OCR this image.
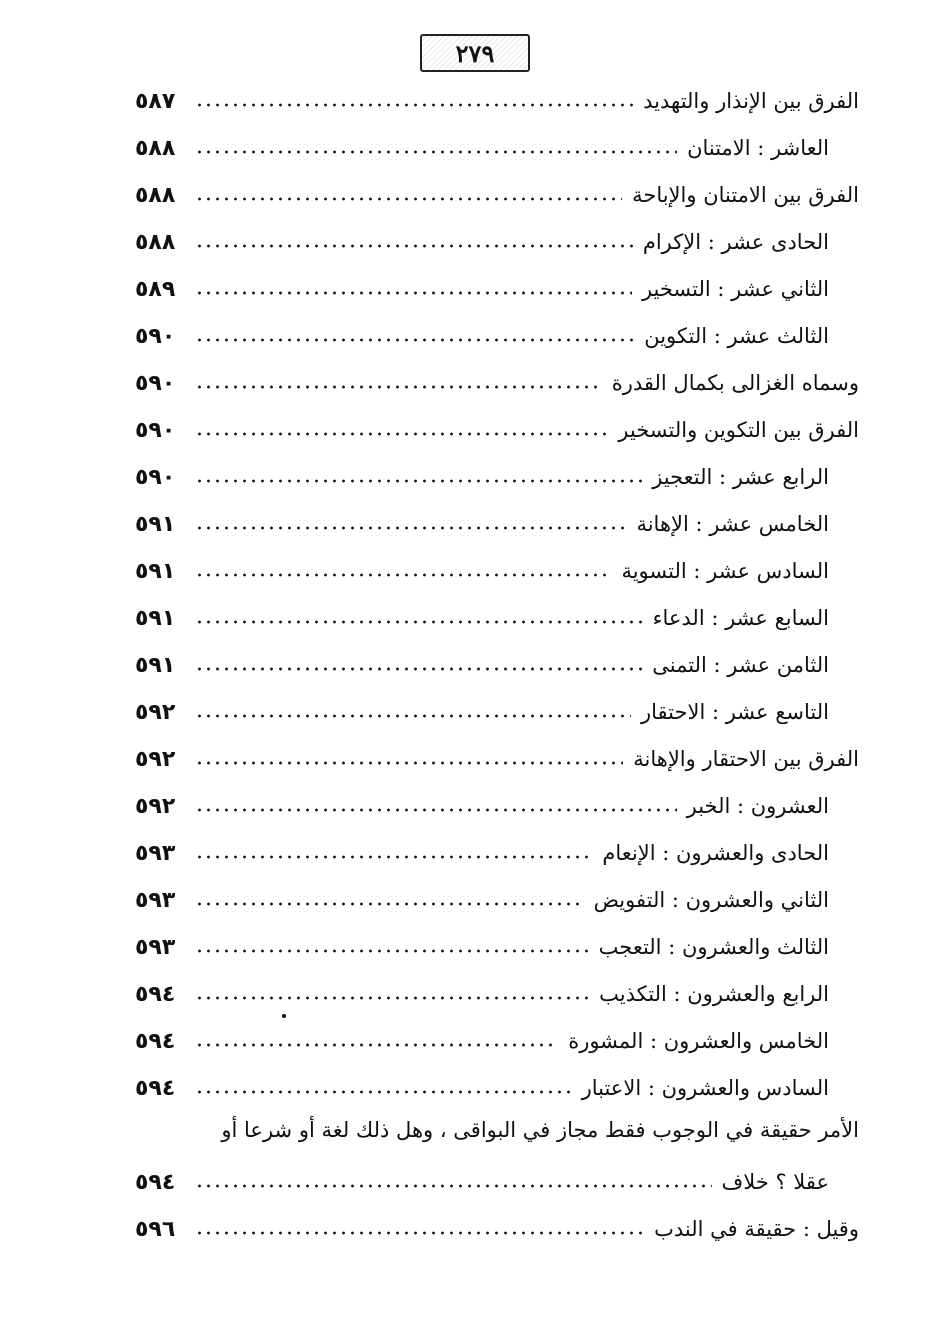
٢٧٩
٥٨٧	الفرق بين الإنذار والتهديد
٥٨٨	العاشر : الامتنان
٥٨٨	الفرق بين الامتنان والإباحة
٥٨٨	الحادى عشر : الإكرام
٥٨٩	الثاني عشر : التسخير
٥٩٠	الثالث عشر : التكوين
٥٩٠	وسماه الغزالى بكمال القدرة
٥٩٠	الفرق بين التكوين والتسخير
٥٩٠	الرابع عشر : التعجيز
٥٩١	الخامس عشر : الإهانة
٥٩١	السادس عشر : التسوية
٥٩١	السابع عشر : الدعاء
٥٩١	الثامن عشر : التمنى
٥٩٢	التاسع عشر : الاحتقار
٥٩٢	الفرق بين الاحتقار والإهانة
٥٩٢	العشرون : الخبر
٥٩٣	الحادى والعشرون : الإنعام
٥٩٣	الثاني والعشرون : التفويض
٥٩٣	الثالث والعشرون : التعجب
٥٩٤	الرابع والعشرون : التكذيب
٥٩٤	الخامس والعشرون : المشورة
٥٩٤	السادس والعشرون : الاعتبار
الأمر حقيقة في الوجوب فقط مجاز في البواقى ، وهل ذلك لغة أو شرعا أو
٥٩٤	عقلا ؟ خلاف
٥٩٦	وقيل : حقيقة في الندب
